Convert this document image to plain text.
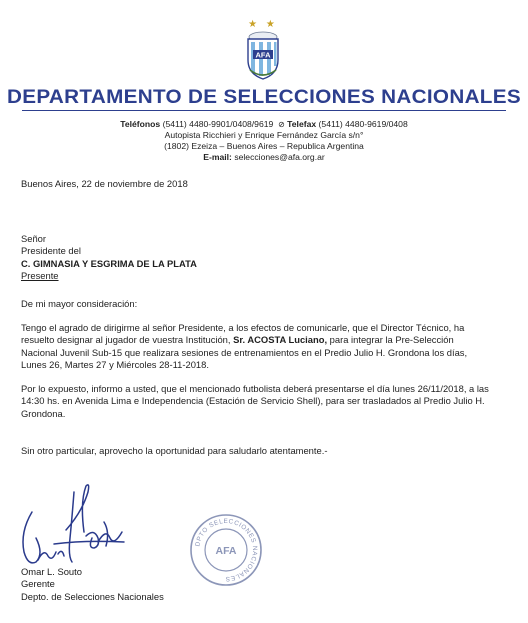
★ ★
AFA
DEPARTAMENTO DE SELECCIONES NACIONALES
Teléfonos (5411) 4480-9901/0408/9619 ⊘ Telefax (5411) 4480-9619/0408
Autopista Ricchieri y Enrique Fernández García s/n°
(1802) Ezeiza – Buenos Aires – Republica Argentina
E-mail: selecciones@afa.org.ar
Buenos Aires, 22 de noviembre de 2018
Señor
Presidente del
C. GIMNASIA Y ESGRIMA DE LA PLATA
Presente
De mi mayor consideración:
Tengo el agrado de dirigirme al señor Presidente, a los efectos de comunicarle, que el Director Técnico, ha
resuelto designar al jugador de vuestra Institución, Sr. ACOSTA Luciano, para integrar la Pre-Selección
Nacional Juvenil Sub-15 que realizara sesiones de entrenamientos en el Predio Julio H. Grondona los días,
Lunes 26, Martes 27 y Miércoles 28-11-2018.
Por lo expuesto, informo a usted, que el mencionado futbolista deberá presentarse el día lunes 26/11/2018, a las
14:30 hs. en Avenida Lima e Independencia (Estación de Servicio Shell), para ser trasladados al Predio Julio H.
Grondona.
Sin otro particular, aprovecho la oportunidad para saludarlo atentamente.-
DPTO SELECCIONES NACIONALES
AFA
Omar L. Souto
Gerente
Depto. de Selecciones Nacionales
